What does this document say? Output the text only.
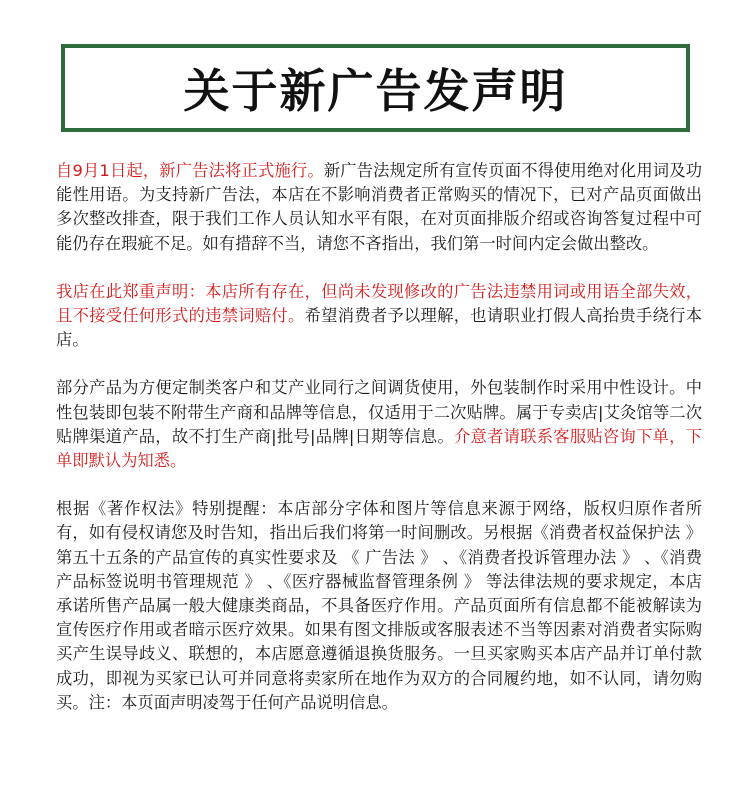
关于新广告发声明

自9月1日起，新广告法将正式施行。新广告法规定所有宣传页面不得使用绝对化用词及功能性用语。为支持新广告法，本店在不影响消费者正常购买的情况下，已对产品页面做出多次整改排查，限于我们工作人员认知水平有限，在对页面排版介绍或咨询答复过程中可能仍存在瑕疵不足。如有措辞不当，请您不吝指出，我们第一时间内定会做出整改。

我店在此郑重声明：本店所有存在，但尚未发现修改的广告法违禁用词或用语全部失效，且不接受任何形式的违禁词赔付。希望消费者予以理解，也请职业打假人高抬贵手绕行本店。

部分产品为方便定制类客户和艾产业同行之间调货使用，外包装制作时采用中性设计。中性包装即包装不附带生产商和品牌等信息，仅适用于二次贴牌。属于专卖店|艾灸馆等二次贴牌渠道产品，故不打生产商|批号|品牌|日期等信息。介意者请联系客服贴咨询下单，下单即默认为知悉。

根据《著作权法》特别提醒：本店部分字体和图片等信息来源于网络，版权归原作者所有，如有侵权请您及时告知，指出后我们将第一时间删改。另根据《消费者权益保护法 》 第五十五条的产品宣传的真实性要求及 《 广告法 》 、《消费者投诉管理办法 》 、《消费产品标签说明书管理规范 》 、《医疗器械监督管理条例 》 等法律法规的要求规定，本店承诺所售产品属一般大健康类商品，不具备医疗作用。产品页面所有信息都不能被解读为宣传医疗作用或者暗示医疗效果。如果有图文排版或客服表述不当等因素对消费者实际购买产生误导歧义、联想的，本店愿意遵循退换货服务。一旦买家购买本店产品并订单付款成功，即视为买家已认可并同意将卖家所在地作为双方的合同履约地，如不认同，请勿购买。注：本页面声明凌驾于任何产品说明信息。
